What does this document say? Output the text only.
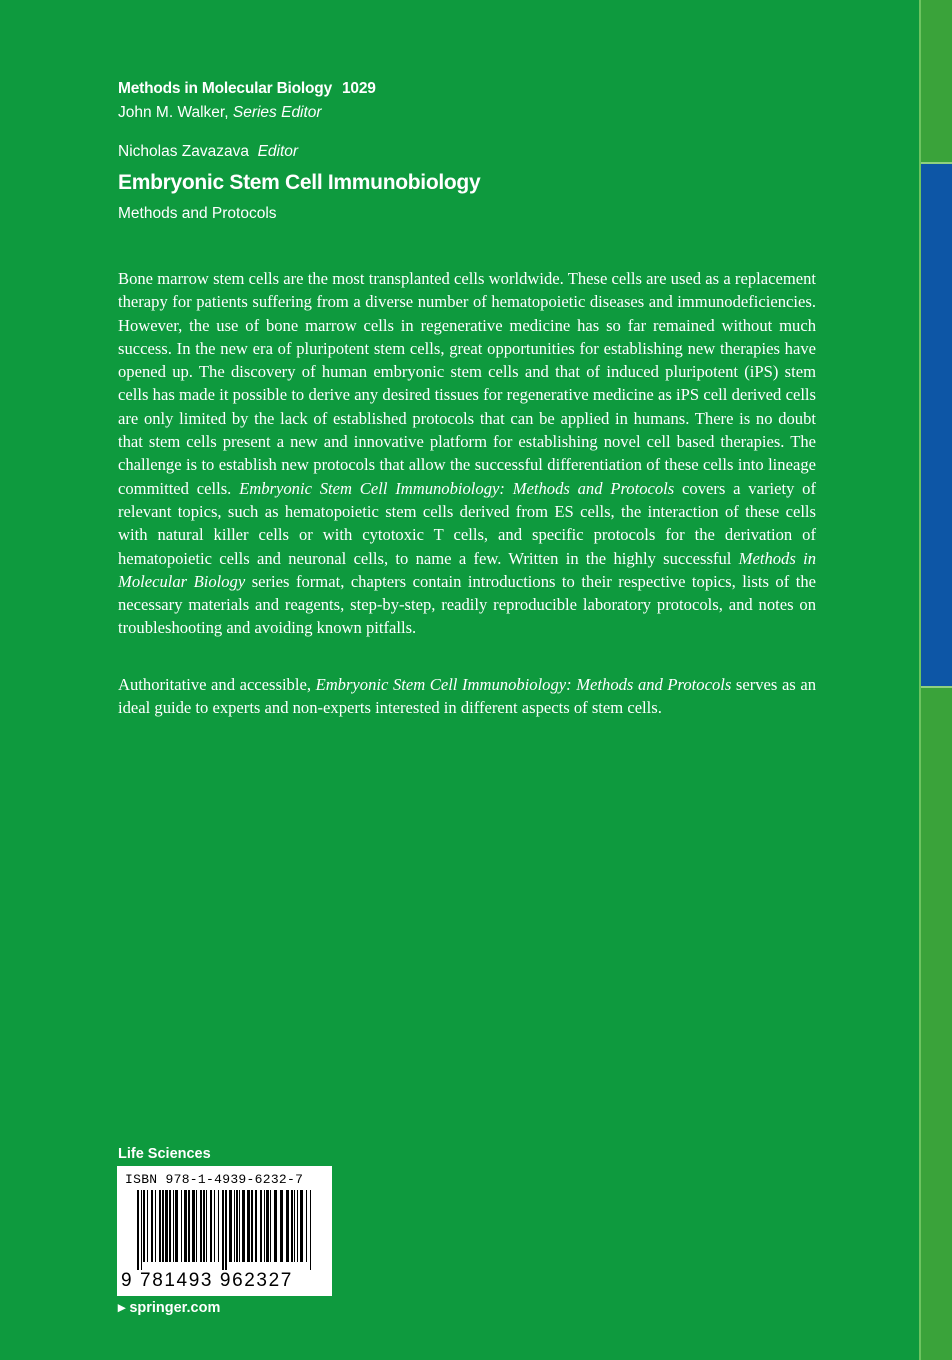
Methods in Molecular Biology 1029
John M. Walker, Series Editor
Nicholas Zavazava Editor
Embryonic Stem Cell Immunobiology
Methods and Protocols

Bone marrow stem cells are the most transplanted cells worldwide. These cells are used as a replacement therapy for patients suffering from a diverse number of hematopoietic diseases and immunodeficiencies. However, the use of bone marrow cells in regenerative medicine has so far remained without much success. In the new era of pluripotent stem cells, great opportunities for establishing new therapies have opened up. The discovery of human embryonic stem cells and that of induced pluripotent (iPS) stem cells has made it possible to derive any desired tissues for regenerative medicine as iPS cell derived cells are only limited by the lack of established protocols that can be applied in humans. There is no doubt that stem cells present a new and innovative platform for establishing novel cell based therapies. The challenge is to establish new protocols that allow the successful differentiation of these cells into lineage committed cells. Embryonic Stem Cell Immunobiology: Methods and Protocols covers a variety of relevant topics, such as hematopoietic stem cells derived from ES cells, the interaction of these cells with natural killer cells or with cytotoxic T cells, and specific protocols for the derivation of hematopoietic cells and neuronal cells, to name a few. Written in the highly successful Methods in Molecular Biology series format, chapters contain introductions to their respective topics, lists of the necessary materials and reagents, step-by-step, readily reproducible laboratory protocols, and notes on troubleshooting and avoiding known pitfalls.

Authoritative and accessible, Embryonic Stem Cell Immunobiology: Methods and Protocols serves as an ideal guide to experts and non-experts interested in different aspects of stem cells.

Life Sciences
ISBN 978-1-4939-6232-7
9 781493 962327
▸ springer.com
